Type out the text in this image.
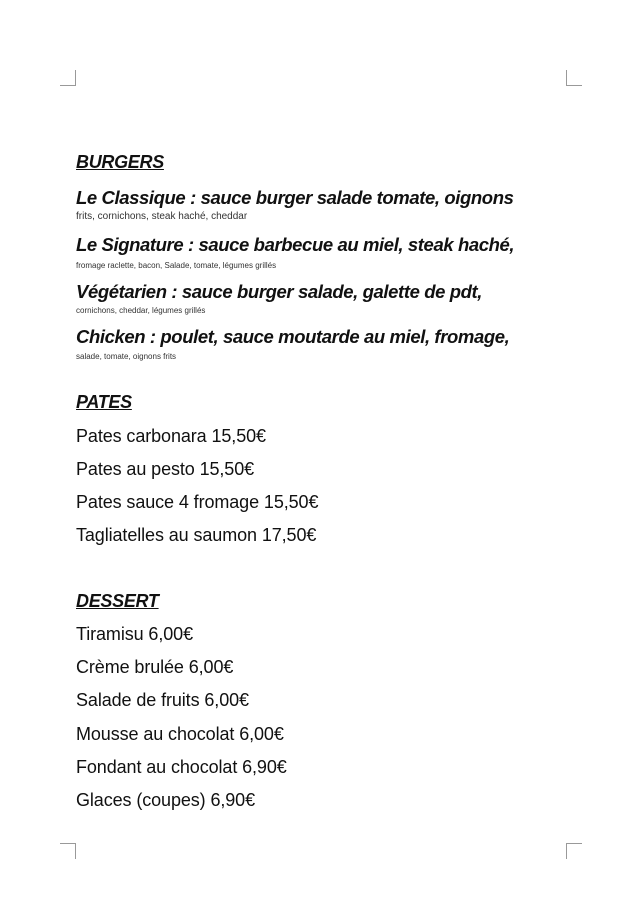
BURGERS
Le Classique : sauce burger salade tomate, oignons
frits, cornichons, steak haché, cheddar
Le Signature : sauce barbecue au miel, steak haché,
fromage raclette, bacon, Salade, tomate, légumes grillés
Végétarien : sauce burger salade, galette de pdt,
cornichons, cheddar, légumes grillés
Chicken : poulet, sauce moutarde au miel, fromage,
salade, tomate, oignons frits
PATES
Pates carbonara 15,50€
Pates au pesto 15,50€
Pates sauce 4 fromage 15,50€
Tagliatelles au saumon 17,50€
DESSERT
Tiramisu 6,00€
Crème brulée 6,00€
Salade de fruits 6,00€
Mousse au chocolat 6,00€
Fondant au chocolat 6,90€
Glaces (coupes) 6,90€
